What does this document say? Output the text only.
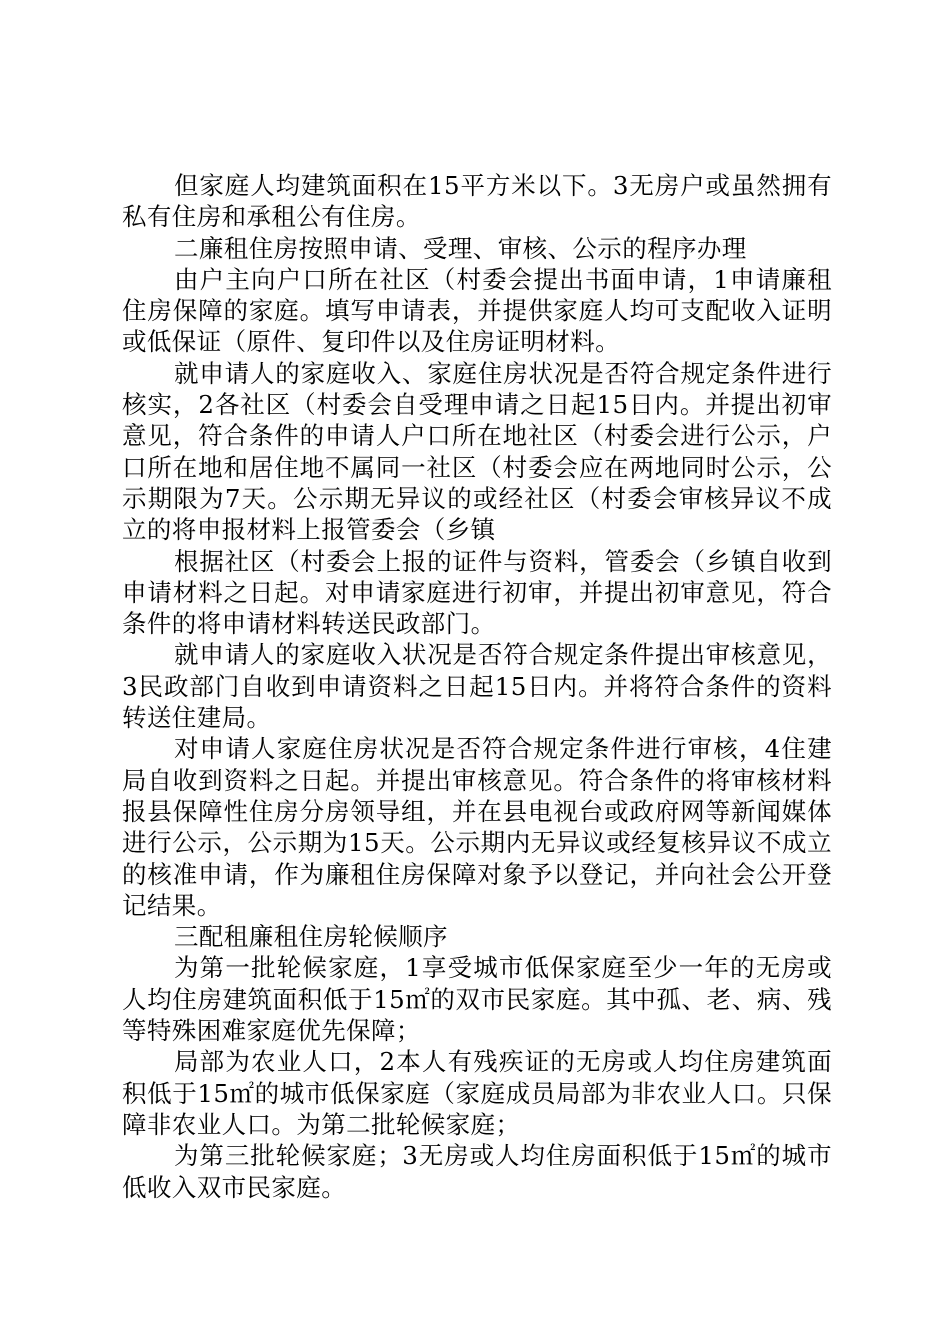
但家庭人均建筑面积在15平方米以下。3无房户或虽然拥有私有住房和承租公有住房。

二廉租住房按照申请、受理、审核、公示的程序办理

由户主向户口所在社区（村委会提出书面申请，1申请廉租住房保障的家庭。填写申请表，并提供家庭人均可支配收入证明或低保证（原件、复印件以及住房证明材料。

就申请人的家庭收入、家庭住房状况是否符合规定条件进行核实，2各社区（村委会自受理申请之日起15日内。并提出初审意见，符合条件的申请人户口所在地社区（村委会进行公示，户口所在地和居住地不属同一社区（村委会应在两地同时公示，公示期限为7天。公示期无异议的或经社区（村委会审核异议不成立的将申报材料上报管委会（乡镇

根据社区（村委会上报的证件与资料，管委会（乡镇自收到申请材料之日起。对申请家庭进行初审，并提出初审意见，符合条件的将申请材料转送民政部门。

就申请人的家庭收入状况是否符合规定条件提出审核意见，3民政部门自收到申请资料之日起15日内。并将符合条件的资料转送住建局。

对申请人家庭住房状况是否符合规定条件进行审核，4住建局自收到资料之日起。并提出审核意见。符合条件的将审核材料报县保障性住房分房领导组，并在县电视台或政府网等新闻媒体进行公示，公示期为15天。公示期内无异议或经复核异议不成立的核准申请，作为廉租住房保障对象予以登记，并向社会公开登记结果。

三配租廉租住房轮候顺序

为第一批轮候家庭，1享受城市低保家庭至少一年的无房或人均住房建筑面积低于15㎡的双市民家庭。其中孤、老、病、残等特殊困难家庭优先保障；

局部为农业人口，2本人有残疾证的无房或人均住房建筑面积低于15㎡的城市低保家庭（家庭成员局部为非农业人口。只保障非农业人口。为第二批轮候家庭；

为第三批轮候家庭；3无房或人均住房面积低于15㎡的城市低收入双市民家庭。
